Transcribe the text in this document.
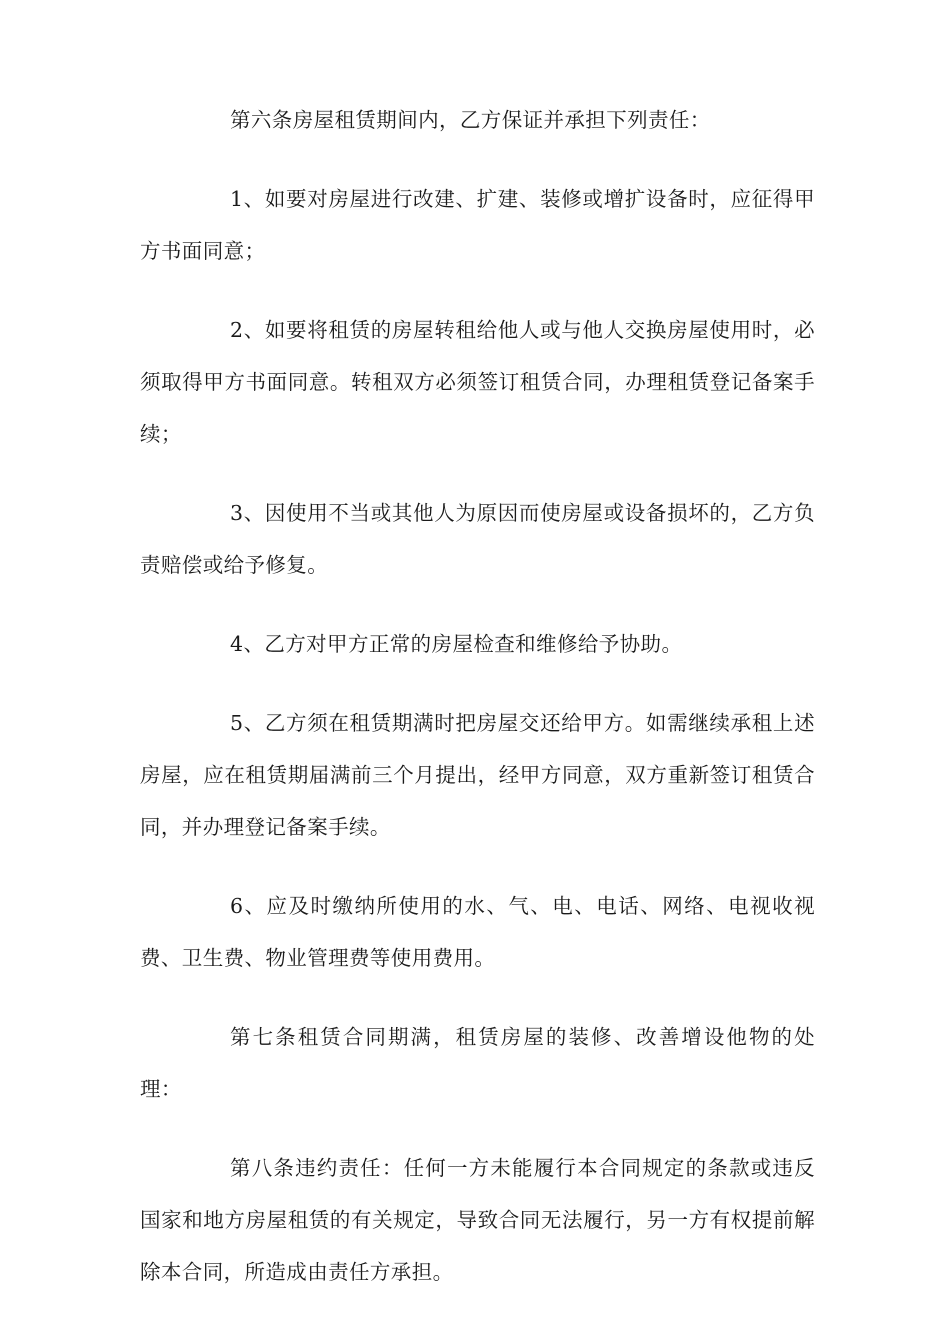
第六条房屋租赁期间内，乙方保证并承担下列责任：

1、如要对房屋进行改建、扩建、装修或增扩设备时，应征得甲方书面同意；

2、如要将租赁的房屋转租给他人或与他人交换房屋使用时，必须取得甲方书面同意。转租双方必须签订租赁合同，办理租赁登记备案手续；

3、因使用不当或其他人为原因而使房屋或设备损坏的，乙方负责赔偿或给予修复。

4、乙方对甲方正常的房屋检查和维修给予协助。

5、乙方须在租赁期满时把房屋交还给甲方。如需继续承租上述房屋，应在租赁期届满前三个月提出，经甲方同意，双方重新签订租赁合同，并办理登记备案手续。

6、应及时缴纳所使用的水、气、电、电话、网络、电视收视费、卫生费、物业管理费等使用费用。

第七条租赁合同期满，租赁房屋的装修、改善增设他物的处理：

第八条违约责任：任何一方未能履行本合同规定的条款或违反国家和地方房屋租赁的有关规定，导致合同无法履行，另一方有权提前解除本合同，所造成由责任方承担。
